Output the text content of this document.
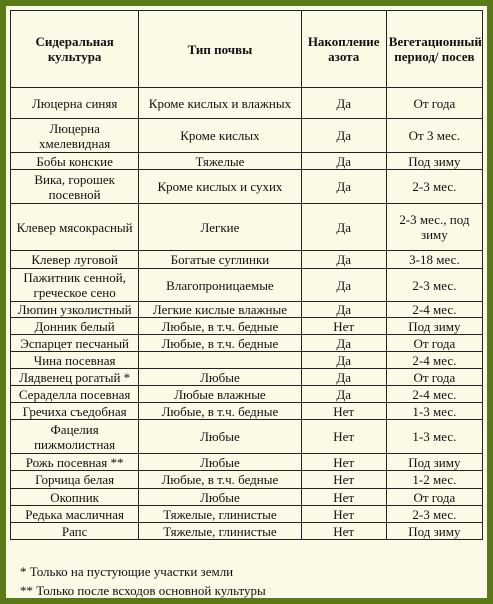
Сидеральная культура	Тип почвы	Накопление азота	Вегетационный период/ посев
Люцерна синяя	Кроме кислых и влажных	Да	От года
Люцерна хмелевидная	Кроме кислых	Да	От 3 мес.
Бобы конские	Тяжелые	Да	Под зиму
Вика, горошек посевной	Кроме кислых и сухих	Да	2-3 мес.
Клевер мясокрасный	Легкие	Да	2-3 мес., под зиму
Клевер луговой	Богатые суглинки	Да	3-18 мес.
Пажитник сенной, греческое сено	Влагопроницаемые	Да	2-3 мес.
Люпин узколистный	Легкие кислые влажные	Да	2-4 мес.
Донник белый	Любые, в т.ч. бедные	Нет	Под зиму
Эспарцет песчаный	Любые, в т.ч. бедные	Да	От года
Чина посевная		Да	2-4 мес.
Лядвенец рогатый *	Любые	Да	От года
Сераделла посевная	Любые влажные	Да	2-4 мес.
Гречиха съедобная	Любые, в т.ч. бедные	Нет	1-3 мес.
Фацелия пижмолистная	Любые	Нет	1-3 мес.
Рожь посевная **	Любые	Нет	Под зиму
Горчица белая	Любые, в т.ч. бедные	Нет	1-2 мес.
Окопник	Любые	Нет	От года
Редька масличная	Тяжелые, глинистые	Нет	2-3 мес.
Рапс	Тяжелые, глинистые	Нет	Под зиму
* Только на пустующие участки земли
** Только после всходов основной культуры
